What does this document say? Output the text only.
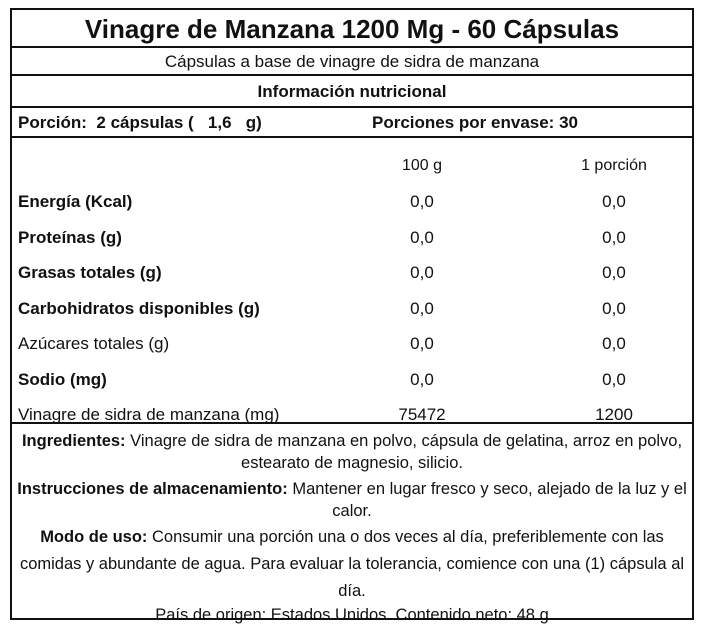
Vinagre de Manzana 1200 Mg - 60 Cápsulas
Cápsulas a base de vinagre de sidra de manzana
Información nutricional
Porción:  2 cápsulas (   1,6   g)	Porciones por envase: 30
100 g	1 porción
Energía (Kcal)	0,0	0,0
Proteínas (g)	0,0	0,0
Grasas totales (g)	0,0	0,0
Carbohidratos disponibles (g)	0,0	0,0
Azúcares totales (g)	0,0	0,0
Sodio (mg)	0,0	0,0
Vinagre de sidra de manzana (mg)	75472	1200
Ingredientes: Vinagre de sidra de manzana en polvo, cápsula de gelatina, arroz en polvo, estearato de magnesio, silicio.
Instrucciones de almacenamiento: Mantener en lugar fresco y seco, alejado de la luz y el calor.
Modo de uso: Consumir una porción una o dos veces al día, preferiblemente con las comidas y abundante de agua. Para evaluar la tolerancia, comience con una (1) cápsula al día.
País de origen: Estados Unidos. Contenido neto: 48 g
